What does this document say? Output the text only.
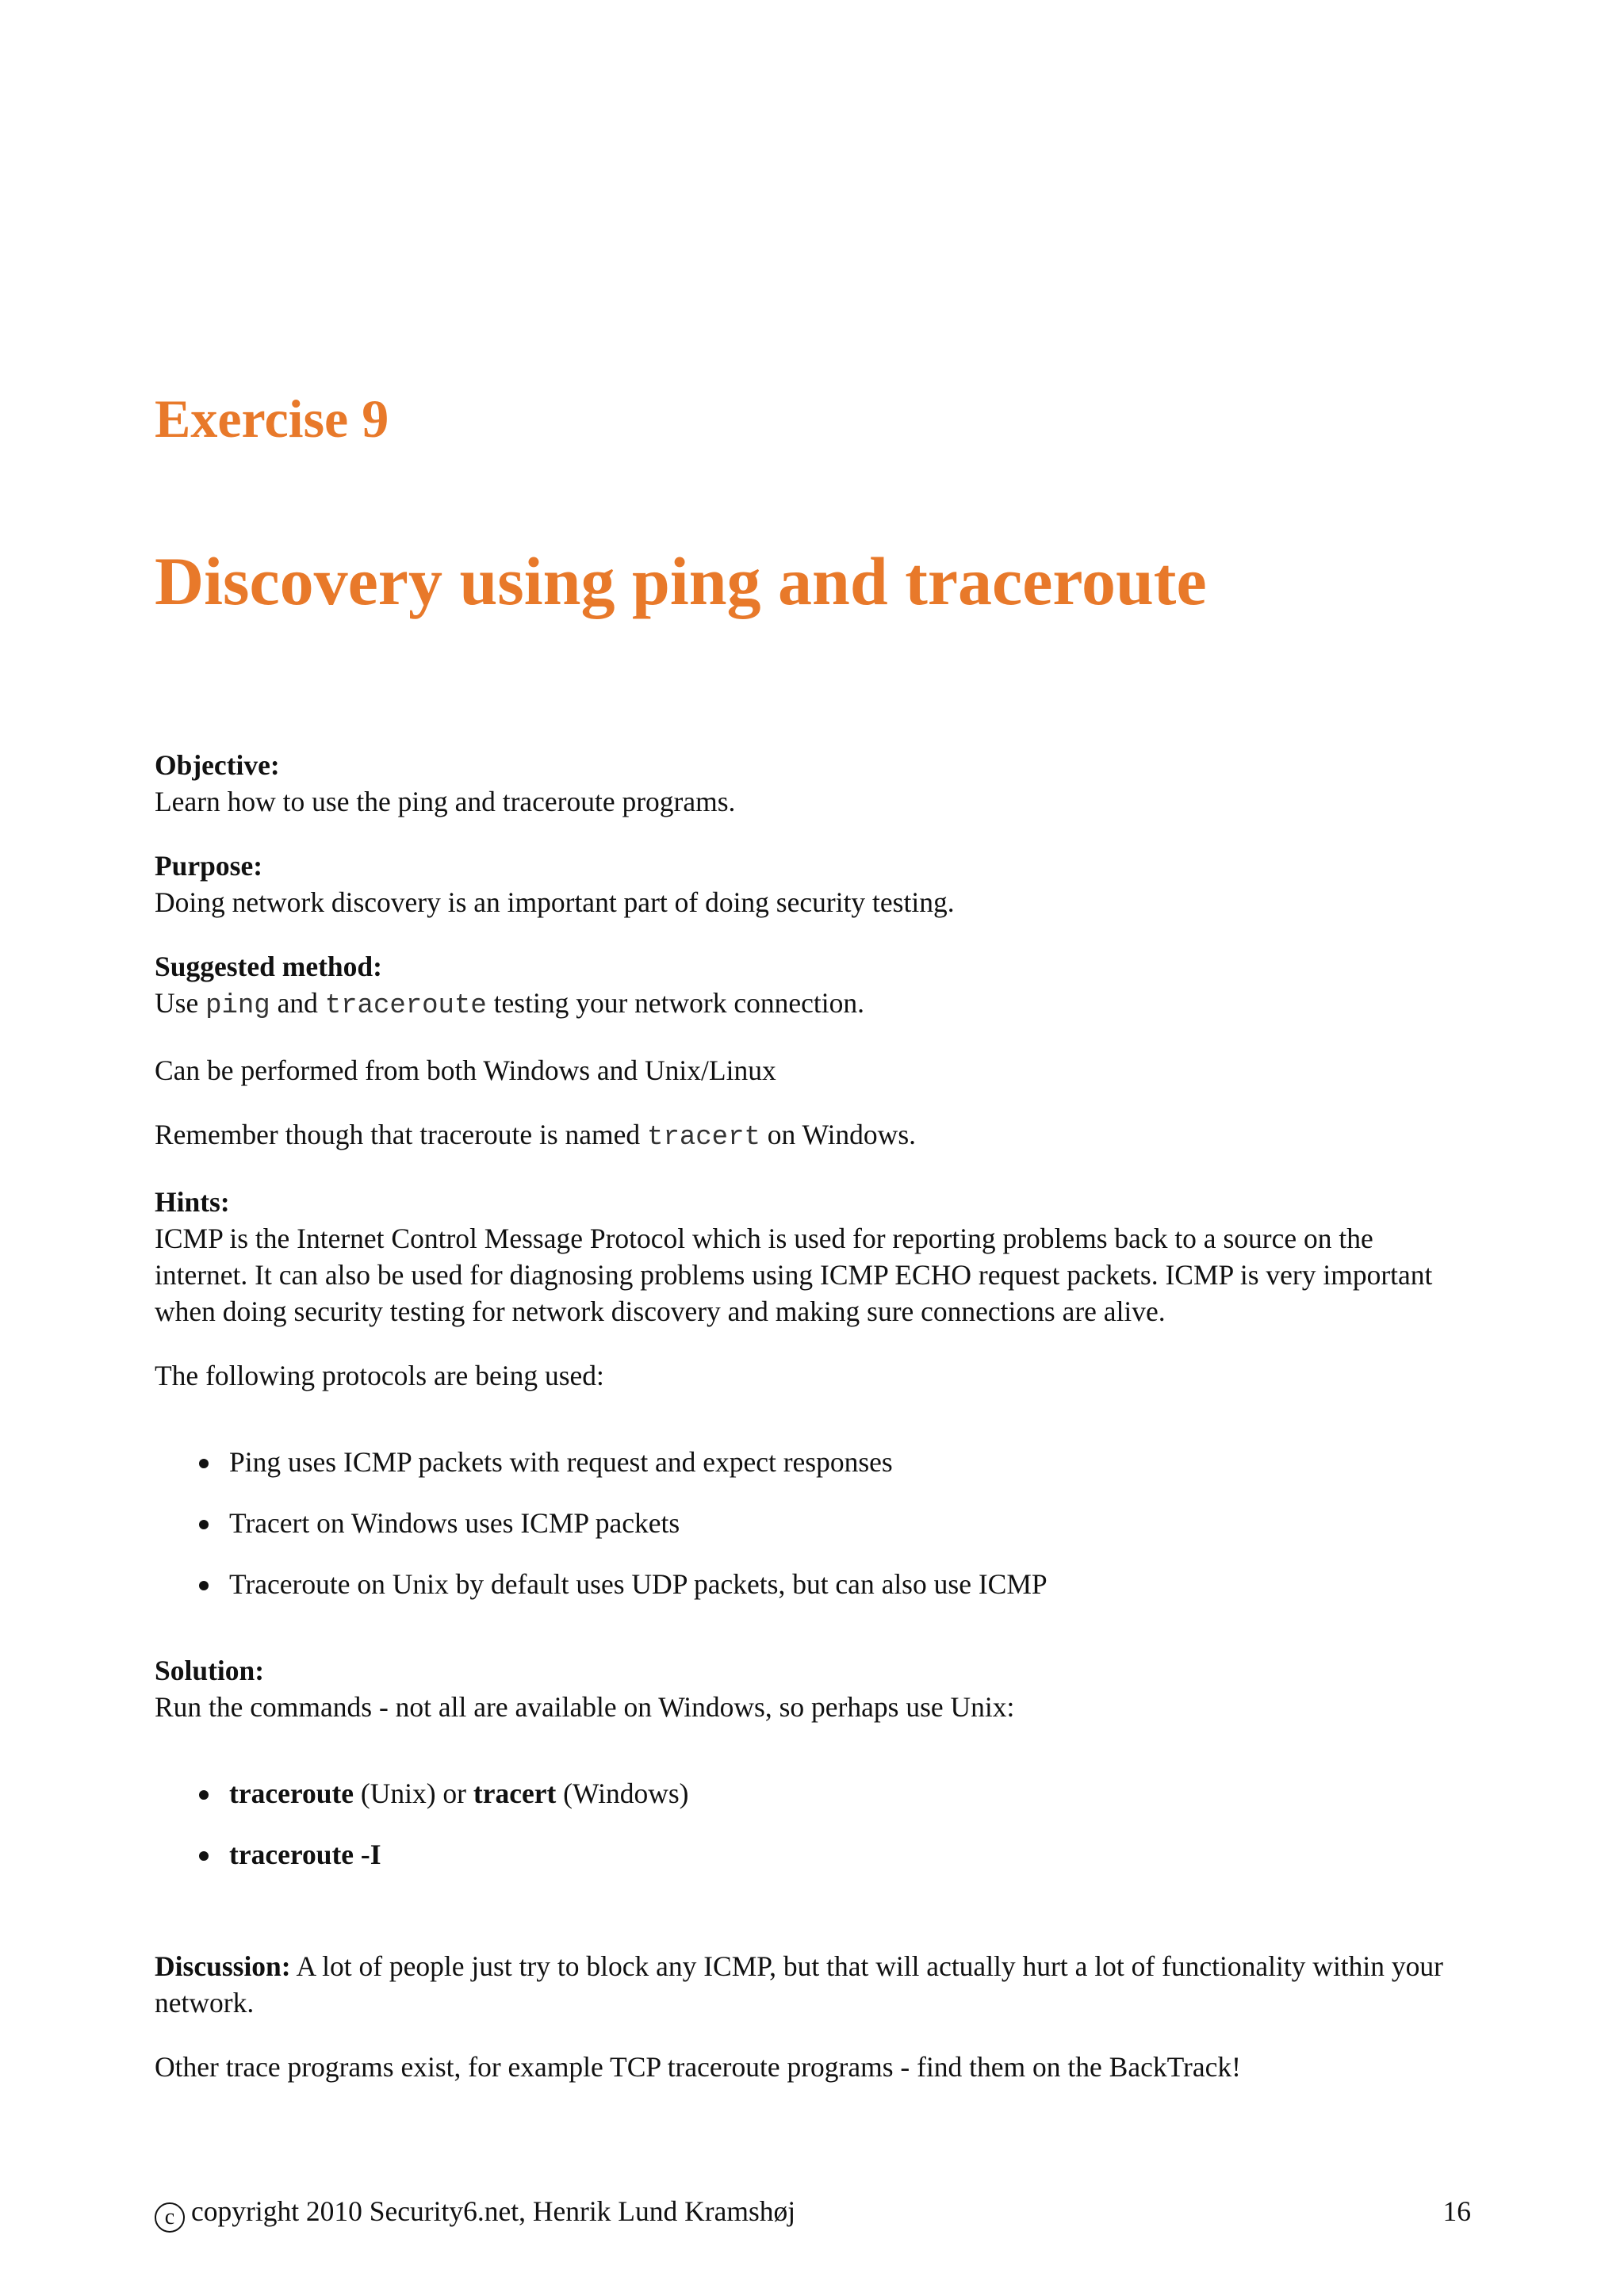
Exercise 9
Discovery using ping and traceroute

Objective:
Learn how to use the ping and traceroute programs.

Purpose:
Doing network discovery is an important part of doing security testing.

Suggested method:
Use ping and traceroute testing your network connection.

Can be performed from both Windows and Unix/Linux

Remember though that traceroute is named tracert on Windows.

Hints:
ICMP is the Internet Control Message Protocol which is used for reporting problems back to a source on the internet. It can also be used for diagnosing problems using ICMP ECHO request packets. ICMP is very important when doing security testing for network discovery and making sure connections are alive.

The following protocols are being used:

Ping uses ICMP packets with request and expect responses
Tracert on Windows uses ICMP packets
Traceroute on Unix by default uses UDP packets, but can also use ICMP

Solution:
Run the commands - not all are available on Windows, so perhaps use Unix:

traceroute (Unix) or tracert (Windows)
traceroute -I

Discussion: A lot of people just try to block any ICMP, but that will actually hurt a lot of functionality within your network.

Other trace programs exist, for example TCP traceroute programs - find them on the BackTrack!

c copyright 2010 Security6.net, Henrik Lund Kramshøj	16
